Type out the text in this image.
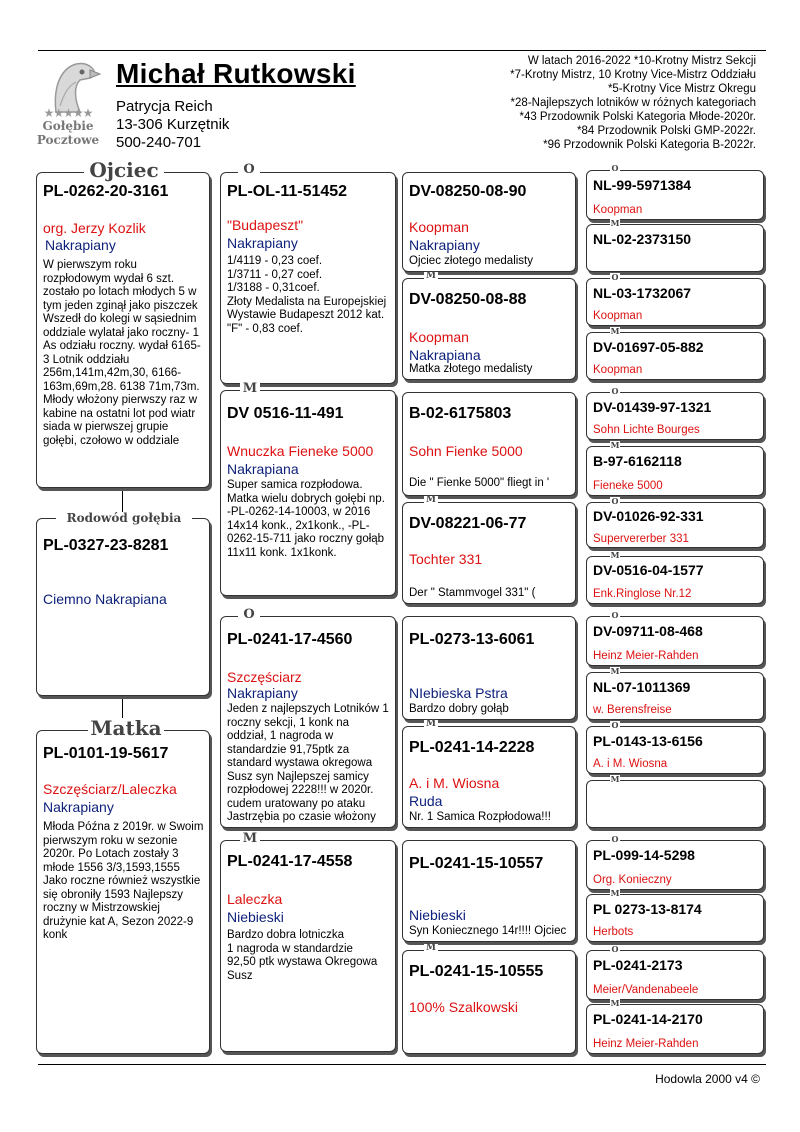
★★★★★
Gołębie
Pocztowe
Michał Rutkowski
Patrycja Reich
13-306 Kurzętnik
500-240-701
W latach 2016-2022 *10-Krotny Mistrz Sekcji
*7-Krotny Mistrz, 10 Krotny Vice-Mistrz Oddziału
*5-Krotny Vice Mistrz Okregu
*28-Najlepszych lotników w różnych kategoriach
*43 Przodownik Polski Kategoria Młode-2020r.
*84 Przodownik Polski GMP-2022r.
*96 Przodownik Polski Kategoria B-2022r.
PL-0262-20-3161
org. Jerzy Kozlik
Nakrapiany
W pierwszym roku rozpłodowym wydał 6 szt. zostało po lotach młodych 5 w tym jeden zginął jako piszczek Wszedł do kolegi w sąsiednim oddziale wylatał jako roczny- 1 As odziału roczny. wydał 6165-3 Lotnik oddziału 256m,141m,42m,30, 6166-163m,69m,28. 6138 71m,73m. Młody włożony pierwszy raz w kabine na ostatni lot pod wiatr siada w pierwszej grupie gołębi, czołowo w oddziale
Ojciec
PL-0327-23-8281
Ciemno Nakrapiana
Rodowód gołębia
PL-0101-19-5617
Szczęściarz/Laleczka
Nakrapiany
Młoda Późna z 2019r. w Swoim pierwszym roku w sezonie 2020r. Po Lotach zostały 3 młode 1556 3/3,1593,1555 Jako roczne również wszystkie się obroniły 1593 Najlepszy roczny w Mistrzowskiej drużynie kat A, Sezon 2022-9 konk
Matka
PL-OL-11-51452
"Budapeszt"
Nakrapiany
1/4119 - 0,23 coef.
1/3711 - 0,27 coef.
1/3188 - 0,31coef.
Złoty Medalista na Europejskiej Wystawie Budapeszt 2012 kat. "F" - 0,83 coef.
O
DV 0516-11-491
Wnuczka Fieneke 5000
Nakrapiana
Super samica rozpłodowa. Matka wielu dobrych gołębi np. -PL-0262-14-10003, w 2016 14x14 konk., 2x1konk., -PL-0262-15-711 jako roczny gołąb 11x11 konk. 1x1konk.
M
PL-0241-17-4560
Szczęściarz
Nakrapiany
Jeden z najlepszych Lotników 1 roczny sekcji, 1 konk na oddział, 1 nagroda w standardzie 91,75ptk za standard wystawa okregowa Susz syn Najlepszej samicy rozpłodowej 2228!!! w 2020r. cudem uratowany po ataku Jastrzębia po czasie włożony
O
PL-0241-17-4558
Laleczka
Niebieski
Bardzo dobra lotniczka
1 nagroda w standardzie
92,50 ptk wystawa Okregowa Susz
M
DV-08250-08-90
Koopman
Nakrapiany
Ojciec złotego medalisty
DV-08250-08-88
Koopman
Nakrapiana
Matka złotego medalisty
M
B-02-6175803
Sohn Fienke 5000
Die " Fienke 5000" fliegt in '
DV-08221-06-77
Tochter 331
Der " Stammvogel 331" (
M
PL-0273-13-6061
NIebieska Pstra
Bardzo dobry gołąb
PL-0241-14-2228
A. i M. Wiosna
Ruda
Nr. 1 Samica Rozpłodowa!!!
M
PL-0241-15-10557
Niebieski
Syn Koniecznego 14r!!!! Ojciec
PL-0241-15-10555
100% Szalkowski
M
NL-99-5971384
Koopman
NL-02-2373150
NL-03-1732067
Koopman
DV-01697-05-882
Koopman
DV-01439-97-1321
Sohn Lichte Bourges
B-97-6162118
Fieneke 5000
DV-01026-92-331
Supervererber 331
DV-0516-04-1577
Enk.Ringlose Nr.12
DV-09711-08-468
Heinz Meier-Rahden
NL-07-1011369
w. Berensfreise
PL-0143-13-6156
A. i M. Wiosna
PL-099-14-5298
Org. Konieczny
PL 0273-13-8174
Herbots
PL-0241-2173
Meier/Vandenabeele
PL-0241-14-2170
Heinz Meier-Rahden
O
M
O
M
O
M
O
M
O
M
O
M
O
M
O
M
Hodowla 2000 v4 ©
